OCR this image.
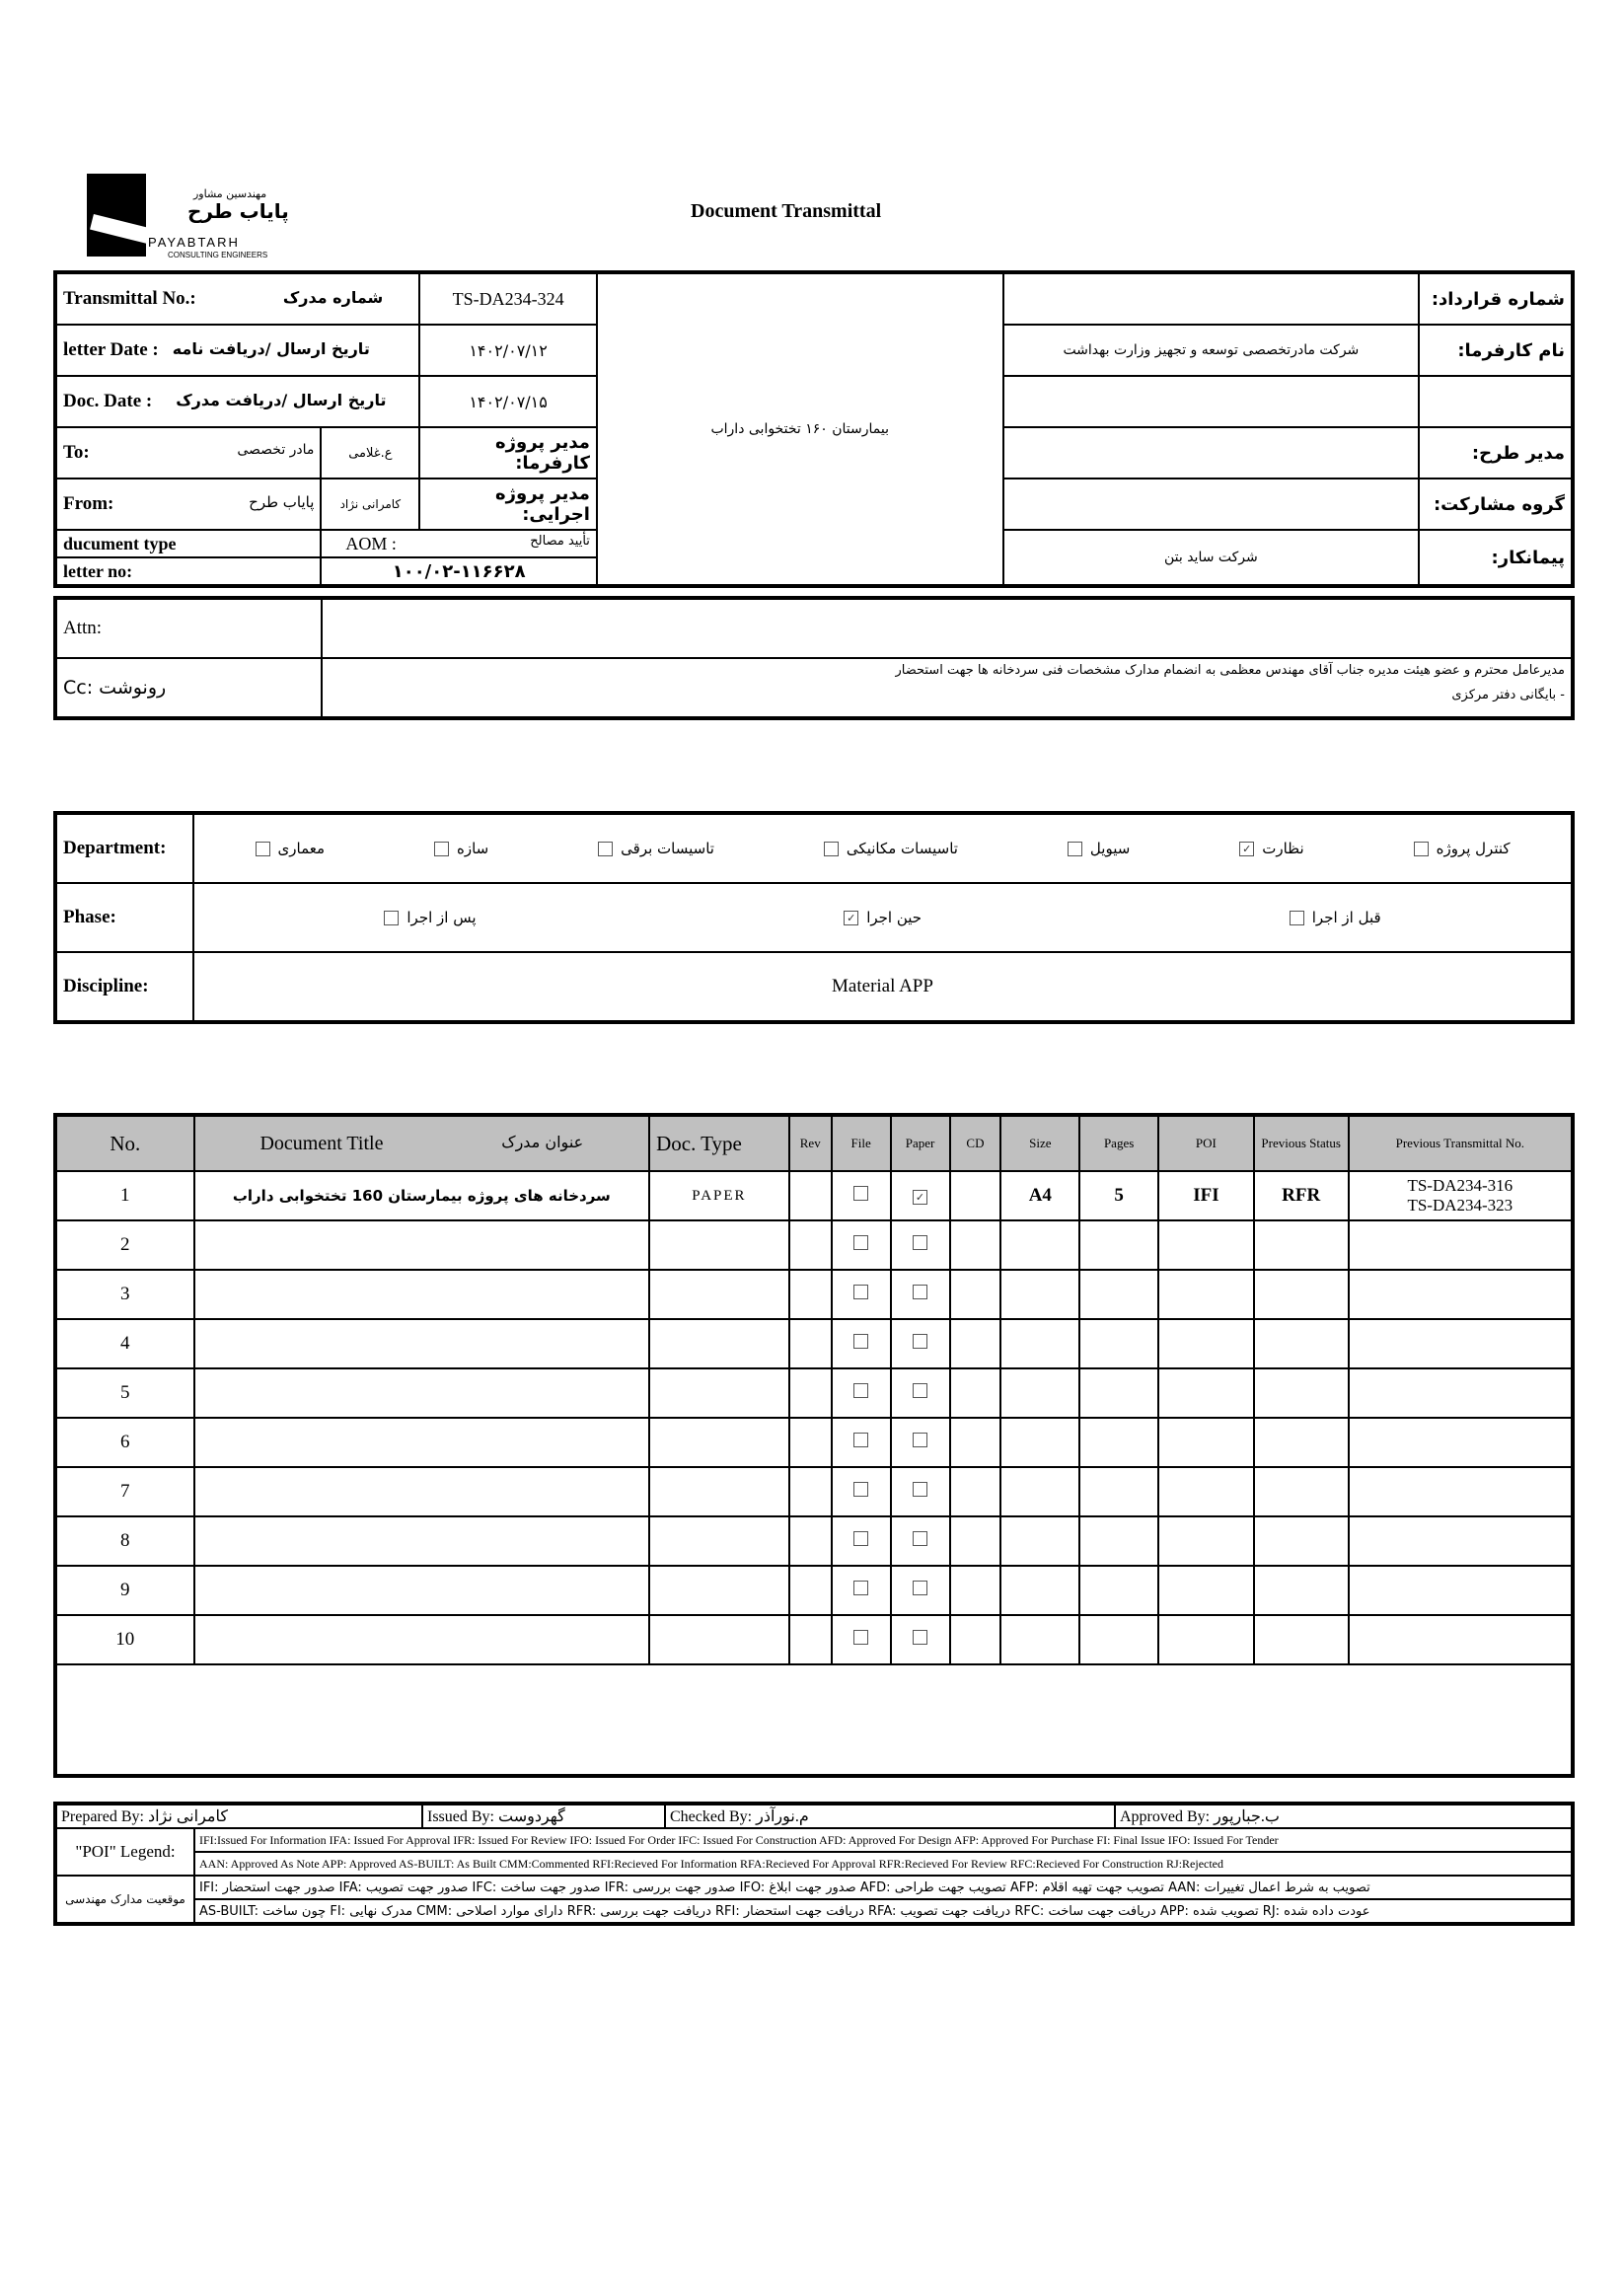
مهندسین مشاور
پایاب طرح
PAYABTARH
CONSULTING ENGINEERS
Document Transmittal
Transmittal No.: شماره مدرک		TS-DA234-324	بیمارستان ۱۶۰ تختخوابی داراب		شماره قرارداد:

letter Date : تاریخ ارسال /دریافت نامه		۱۴۰۲/۰۷/۱۲		شرکت مادرتخصصی توسعه و تجهیز وزارت بهداشت	نام کارفرما:

Doc. Date : تاریخ ارسال /دریافت مدرک		۱۴۰۲/۰۷/۱۵			

To: مادر تخصصی	ع.غلامی	مدیر پروژه کارفرما:			مدیر طرح:

From: پایاب طرح	کامرانی نژاد	مدیر پروژه اجرایی:			گروه مشارکت:
ducument type	AOM : تأیید مصالح			شرکت ساید بتن	پیمانکار:
letter no:	۱۰۰/۰۲-۱۱۶۶۲۸				
Attn:	
Cc: رونوشت	مدیرعامل محترم و عضو هیئت مدیره جناب آقای مهندس معظمی به انضمام مدارک مشخصات فنی سردخانه ها جهت استحضار
- بایگانی دفتر مرکزی
Department:	معماری	سازه	تاسیسات برقی	تاسیسات مکانیکی	سیویل	نظارت
✓	کنترل پروژه

Phase:	پس از اجرا حین اجرا
✓ قبل از اجرا

Discipline:	Material APP
No.	Document Title عنوان مدرک	Doc. Type	Rev	File	Paper	CD	Size	Pages	POI	Previous Status	Previous Transmittal No.
1	سردخانه های پروژه بیمارستان 160 تختخوابی داراب	PAPER			✓		A4	5	IFI	RFR	TS-DA234-316
TS-DA234-323

2											

3											

4											

5											

6											

7											

8											

9											

10											

Prepared By: کامرانی نژاد		Issued By: گهردوست	Checked By: م.نورآذر	Approved By: ب.جبارپور
"POI" Legend:	IFI:Issued For Information IFA: Issued For Approval IFR: Issued For Review IFO: Issued For Order IFC: Issued For Construction AFD: Approved For Design AFP: Approved For Purchase FI: Final Issue IFO: Issued For Tender			
	AAN: Approved As Note APP: Approved AS-BUILT: As Built CMM:Commented RFI:Recieved For Information RFA:Recieved For Approval RFR:Recieved For Review RFC:Recieved For Construction RJ:Rejected			
موقعیت مدارک مهندسی	IFI: صدور جهت استحضار IFA: صدور جهت تصویب IFC: صدور جهت ساخت IFR: صدور جهت بررسی IFO: صدور جهت ابلاغ AFD: تصویب جهت طراحی AFP: تصویب جهت تهیه اقلام AAN: تصویب به شرط اعمال تغییرات			
	AS-BUILT: چون ساخت FI: مدرک نهایی CMM: دارای موارد اصلاحی RFR: دریافت جهت بررسی RFI: دریافت جهت استحضار RFA: دریافت جهت تصویب RFC: دریافت جهت ساخت APP: تصویب شده RJ: عودت داده شده			
